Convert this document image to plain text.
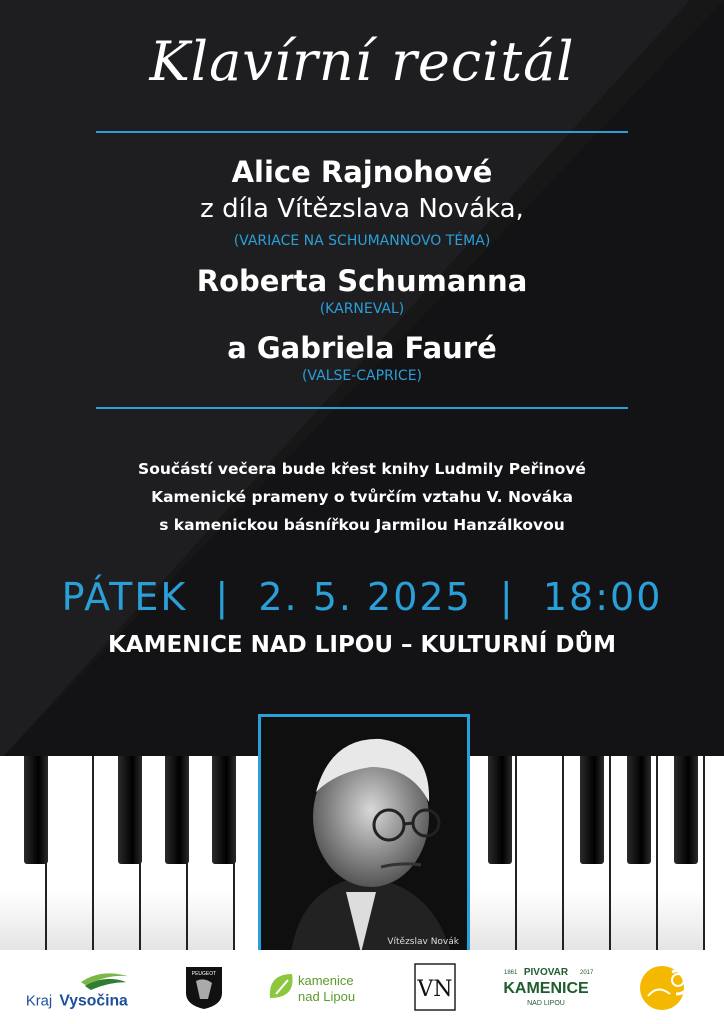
Klavírní recitál
Alice Rajnohové
z díla Vítězslava Nováka,
(VARIACE NA SCHUMANNOVO TÉMA)
Roberta Schumanna
(KARNEVAL)
a Gabriela Fauré
(VALSE-CAPRICE)
Součástí večera bude křest knihy Ludmily Peřinové
Kamenické prameny o tvůrčím vztahu V. Nováka
s kamenickou básnířkou Jarmilou Hanzálkovou
PÁTEK  |  2. 5. 2025  |  18:00
KAMENICE NAD LIPOU – KULTURNÍ DŮM
Vítězslav Novák
Kraj Vysočina
PEUGEOT	kamenice
nad Lipou	VN
1861 PIVOVAR 2017
KAMENICE
NAD LIPOU
